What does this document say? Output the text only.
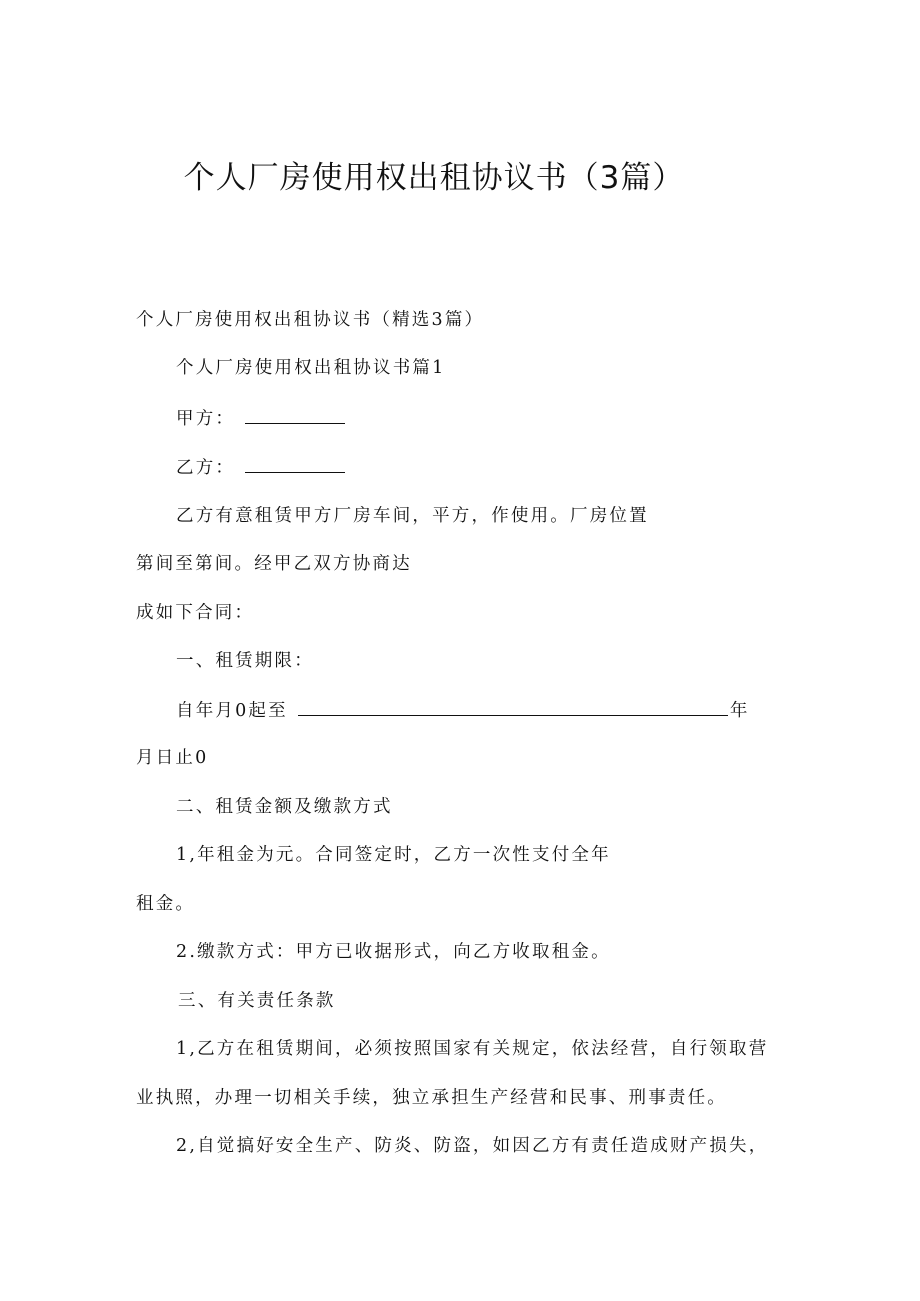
个人厂房使用权出租协议书（3篇）
个人厂房使用权出租协议书（精选3篇）
个人厂房使用权出租协议书篇1
甲方：
乙方：
乙方有意租赁甲方厂房车间，平方，作使用。厂房位置
第间至第间。经甲乙双方协商达
成如下合同：
一、租赁期限：
自年月0起至	年
月日止0
二、租赁金额及缴款方式
1,年租金为元。合同签定时，乙方一次性支付全年
租金。
2.缴款方式：甲方已收据形式，向乙方收取租金。
三、有关责任条款
1,乙方在租赁期间，必须按照国家有关规定，依法经营，自行领取营
业执照，办理一切相关手续，独立承担生产经营和民事、刑事责任。
2,自觉搞好安全生产、防炎、防盗，如因乙方有责任造成财产损失，
